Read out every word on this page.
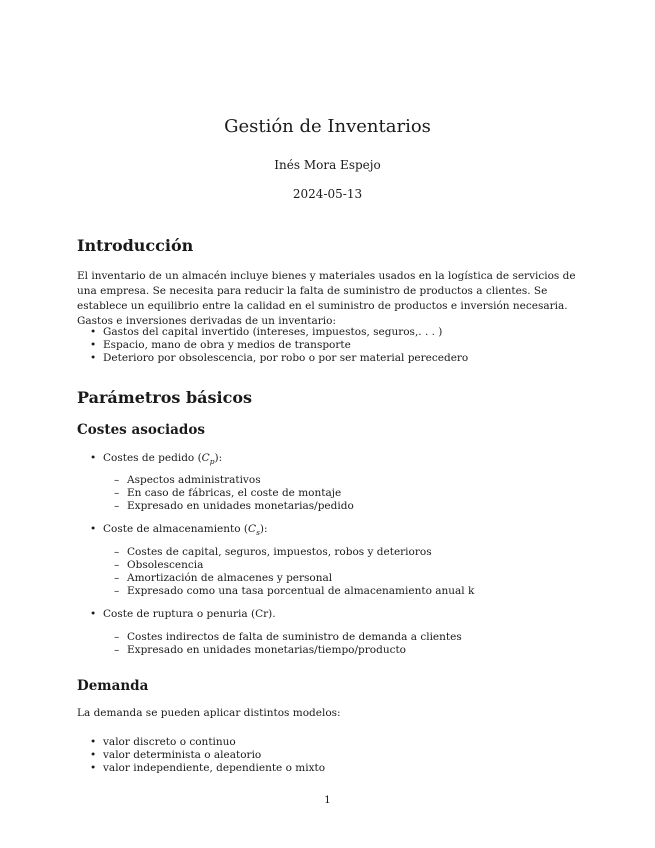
Gestión de Inventarios
Inés Mora Espejo
2024-05-13
Introducción

El inventario de un almacén incluye bienes y materiales usados en la logística de servicios de una empresa. Se necesita para reducir la falta de suministro de productos a clientes. Se establece un equilibrio entre la calidad en el suministro de productos e inversión necesaria. Gastos e inversiones derivadas de un inventario:

• Gastos del capital invertido (intereses, impuestos, seguros,. . . )
• Espacio, mano de obra y medios de transporte
• Deterioro por obsolescencia, por robo o por ser material perecedero
Parámetros básicos
Costes asociados
• Costes de pedido $(C_p)$:
– Aspectos administrativos
– En caso de fábricas, el coste de montaje
– Expresado en unidades monetarias/pedido
• Coste de almacenamiento $(C_s)$:
– Costes de capital, seguros, impuestos, robos y deterioros
– Obsolescencia
– Amortización de almacenes y personal
– Expresado como una tasa porcentual de almacenamiento anual k
• Coste de ruptura o penuria (Cr).
– Costes indirectos de falta de suministro de demanda a clientes
– Expresado en unidades monetarias/tiempo/producto
Demanda

La demanda se pueden aplicar distintos modelos:

• valor discreto o continuo
• valor determinista o aleatorio
• valor independiente, dependiente o mixto
1
